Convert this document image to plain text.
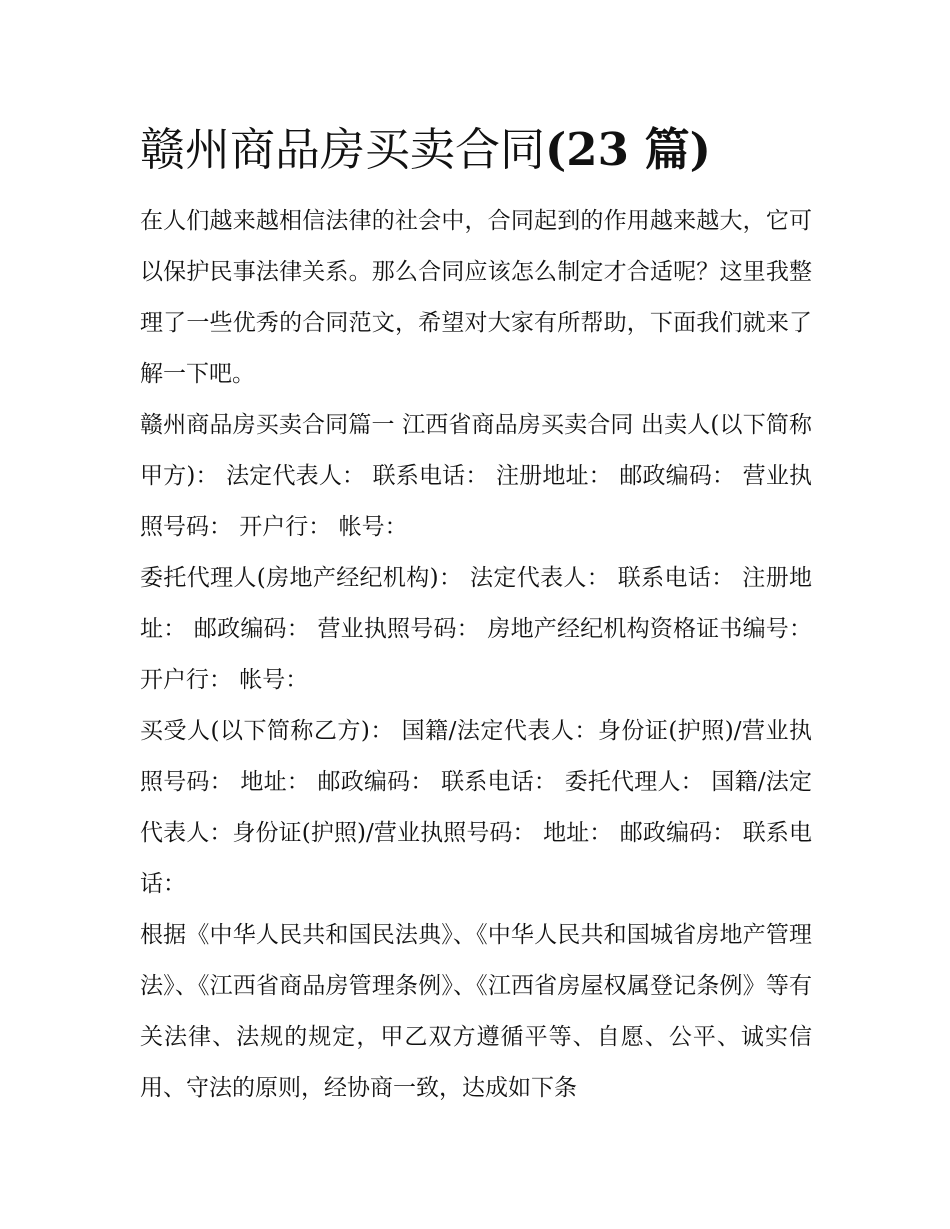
赣州商品房买卖合同(23 篇)

在人们越来越相信法律的社会中，合同起到的作用越来越大，它可以保护民事法律关系。那么合同应该怎么制定才合适呢？这里我整理了一些优秀的合同范文，希望对大家有所帮助，下面我们就来了解一下吧。

赣州商品房买卖合同篇一 江西省商品房买卖合同 出卖人(以下简称甲方)： 法定代表人： 联系电话： 注册地址： 邮政编码： 营业执照号码： 开户行： 帐号：

委托代理人(房地产经纪机构)： 法定代表人： 联系电话： 注册地址： 邮政编码： 营业执照号码： 房地产经纪机构资格证书编号： 开户行： 帐号：

买受人(以下简称乙方)： 国籍/法定代表人：身份证(护照)/营业执照号码： 地址： 邮政编码： 联系电话： 委托代理人： 国籍/法定代表人：身份证(护照)/营业执照号码： 地址： 邮政编码： 联系电话：

根据《中华人民共和国民法典》、《中华人民共和国城省房地产管理法》、《江西省商品房管理条例》、《江西省房屋权属登记条例》等有关法律、法规的规定，甲乙双方遵循平等、自愿、公平、诚实信用、守法的原则，经协商一致，达成如下条
